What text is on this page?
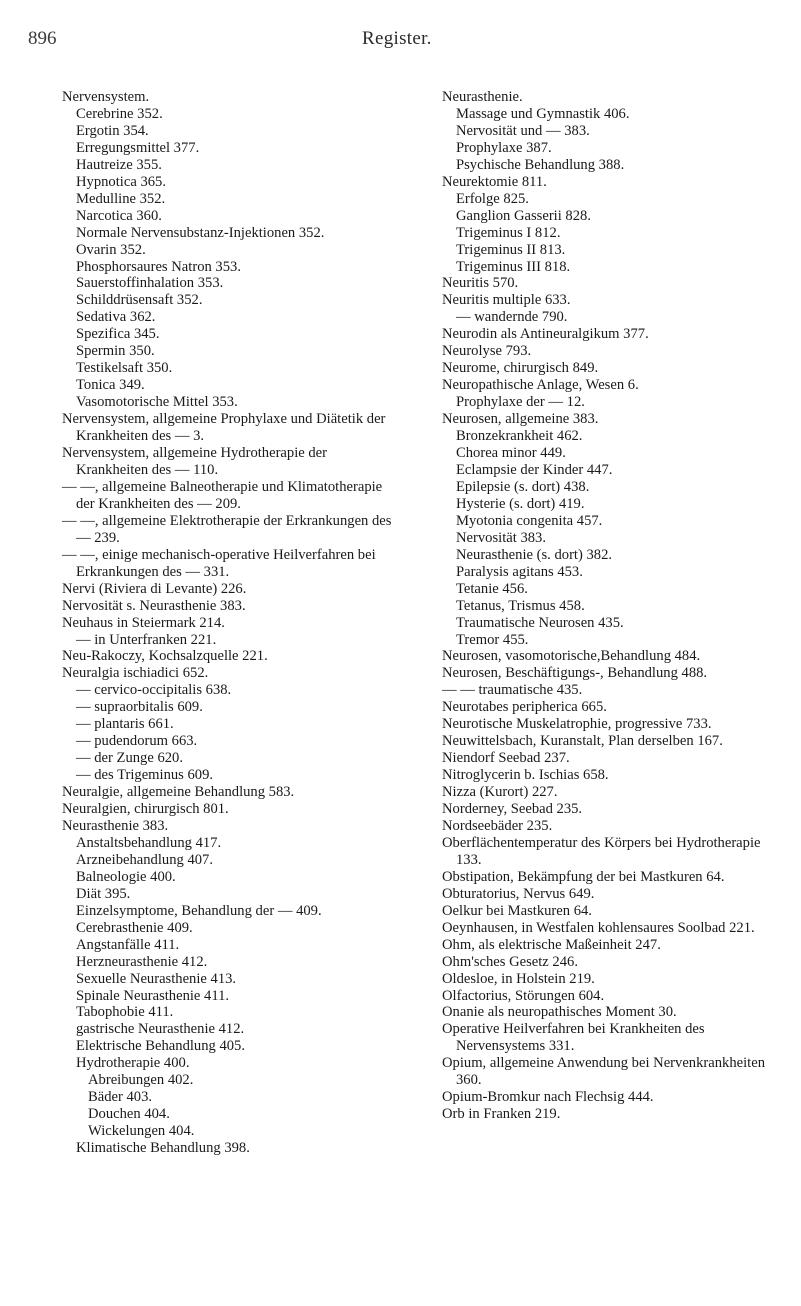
896	Register.
Nervensystem.
Cerebrine 352.
Ergotin 354.
Erregungsmittel 377.
Hautreize 355.
Hypnotica 365.
Medulline 352.
Narcotica 360.
Normale Nervensubstanz-Injektionen 352.
Ovarin 352.
Phosphorsaures Natron 353.
Sauerstoffinhalation 353.
Schilddrüsensaft 352.
Sedativa 362.
Spezifica 345.
Spermin 350.
Testikelsaft 350.
Tonica 349.
Vasomotorische Mittel 353.
Nervensystem, allgemeine Prophylaxe und Diätetik der Krankheiten des — 3.
Nervensystem, allgemeine Hydrotherapie der Krankheiten des — 110.
— —, allgemeine Balneotherapie und Klimatotherapie der Krankheiten des — 209.
— —, allgemeine Elektrotherapie der Erkrankungen des — 239.
— —, einige mechanisch-operative Heilverfahren bei Erkrankungen des — 331.
Nervi (Riviera di Levante) 226.
Nervosität s. Neurasthenie 383.
Neuhaus in Steiermark 214.
— in Unterfranken 221.
Neu-Rakoczy, Kochsalzquelle 221.
Neuralgia ischiadici 652.
— cervico-occipitalis 638.
— supraorbitalis 609.
— plantaris 661.
— pudendorum 663.
— der Zunge 620.
— des Trigeminus 609.
Neuralgie, allgemeine Behandlung 583.
Neuralgien, chirurgisch 801.
Neurasthenie 383.
Anstaltsbehandlung 417.
Arzneibehandlung 407.
Balneologie 400.
Diät 395.
Einzelsymptome, Behandlung der — 409.
Cerebrasthenie 409.
Angstanfälle 411.
Herzneurasthenie 412.
Sexuelle Neurasthenie 413.
Spinale Neurasthenie 411.
Tabophobie 411.
gastrische Neurasthenie 412.
Elektrische Behandlung 405.
Hydrotherapie 400.
Abreibungen 402.
Bäder 403.
Douchen 404.
Wickelungen 404.
Klimatische Behandlung 398.
Neurasthenie.
Massage und Gymnastik 406.
Nervosität und — 383.
Prophylaxe 387.
Psychische Behandlung 388.
Neurektomie 811.
Erfolge 825.
Ganglion Gasserii 828.
Trigeminus I 812.
Trigeminus II 813.
Trigeminus III 818.
Neuritis 570.
Neuritis multiple 633.
— wandernde 790.
Neurodin als Antineuralgikum 377.
Neurolyse 793.
Neurome, chirurgisch 849.
Neuropathische Anlage, Wesen 6.
Prophylaxe der — 12.
Neurosen, allgemeine 383.
Bronzekrankheit 462.
Chorea minor 449.
Eclampsie der Kinder 447.
Epilepsie (s. dort) 438.
Hysterie (s. dort) 419.
Myotonia congenita 457.
Nervosität 383.
Neurasthenie (s. dort) 382.
Paralysis agitans 453.
Tetanie 456.
Tetanus, Trismus 458.
Traumatische Neurosen 435.
Tremor 455.
Neurosen, vasomotorische,Behandlung 484.
Neurosen, Beschäftigungs-, Behandlung 488.
— — traumatische 435.
Neurotabes peripherica 665.
Neurotische Muskelatrophie, progressive 733.
Neuwittelsbach, Kuranstalt, Plan derselben 167.
Niendorf Seebad 237.
Nitroglycerin b. Ischias 658.
Nizza (Kurort) 227.
Norderney, Seebad 235.
Nordseebäder 235.
Oberflächentemperatur des Körpers bei Hydrotherapie 133.
Obstipation, Bekämpfung der bei Mastkuren 64.
Obturatorius, Nervus 649.
Oelkur bei Mastkuren 64.
Oeynhausen, in Westfalen kohlensaures Soolbad 221.
Ohm, als elektrische Maßeinheit 247.
Ohm'sches Gesetz 246.
Oldesloe, in Holstein 219.
Olfactorius, Störungen 604.
Onanie als neuropathisches Moment 30.
Operative Heilverfahren bei Krankheiten des Nervensystems 331.
Opium, allgemeine Anwendung bei Nervenkrankheiten 360.
Opium-Bromkur nach Flechsig 444.
Orb in Franken 219.
